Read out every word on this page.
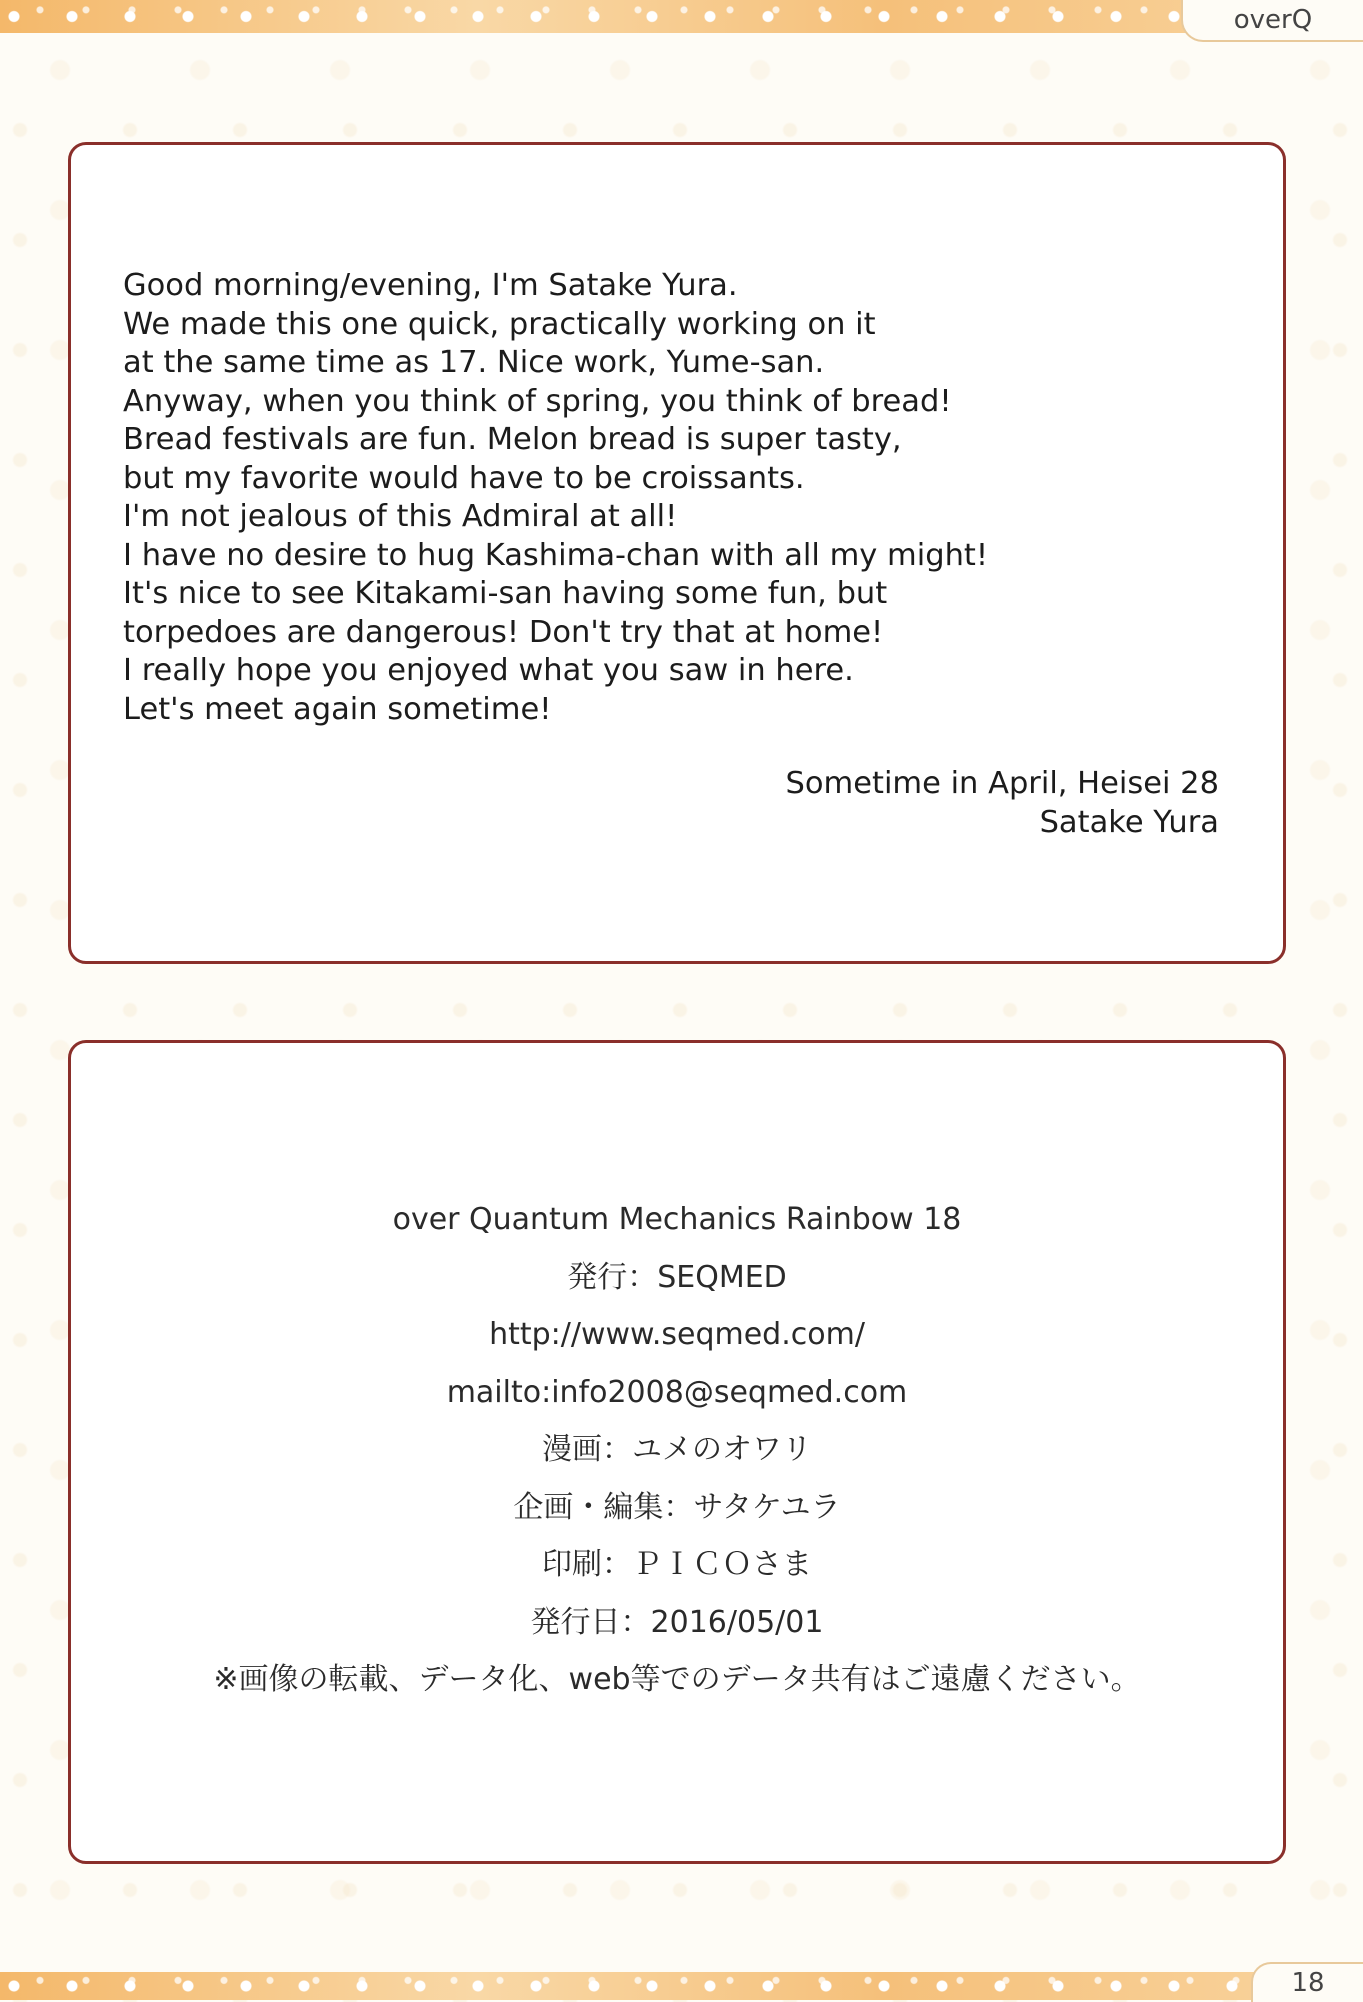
overQ
Good morning/evening, I'm Satake Yura.
We made this one quick, practically working on it
at the same time as 17. Nice work, Yume-san.
Anyway, when you think of spring, you think of bread!
Bread festivals are fun. Melon bread is super tasty,
but my favorite would have to be croissants.
I'm not jealous of this Admiral at all!
I have no desire to hug Kashima-chan with all my might!
It's nice to see Kitakami-san having some fun, but
torpedoes are dangerous! Don't try that at home!
I really hope you enjoyed what you saw in here.
Let's meet again sometime!
Sometime in April, Heisei 28
Satake Yura
over Quantum Mechanics Rainbow 18
発行：SEQMED
http://www.seqmed.com/
mailto:info2008@seqmed.com
漫画：ユメのオワリ
企画・編集：サタケユラ
印刷：ＰＩＣＯさま
発行日：2016/05/01
※画像の転載、データ化、web等でのデータ共有はご遠慮ください。
18
